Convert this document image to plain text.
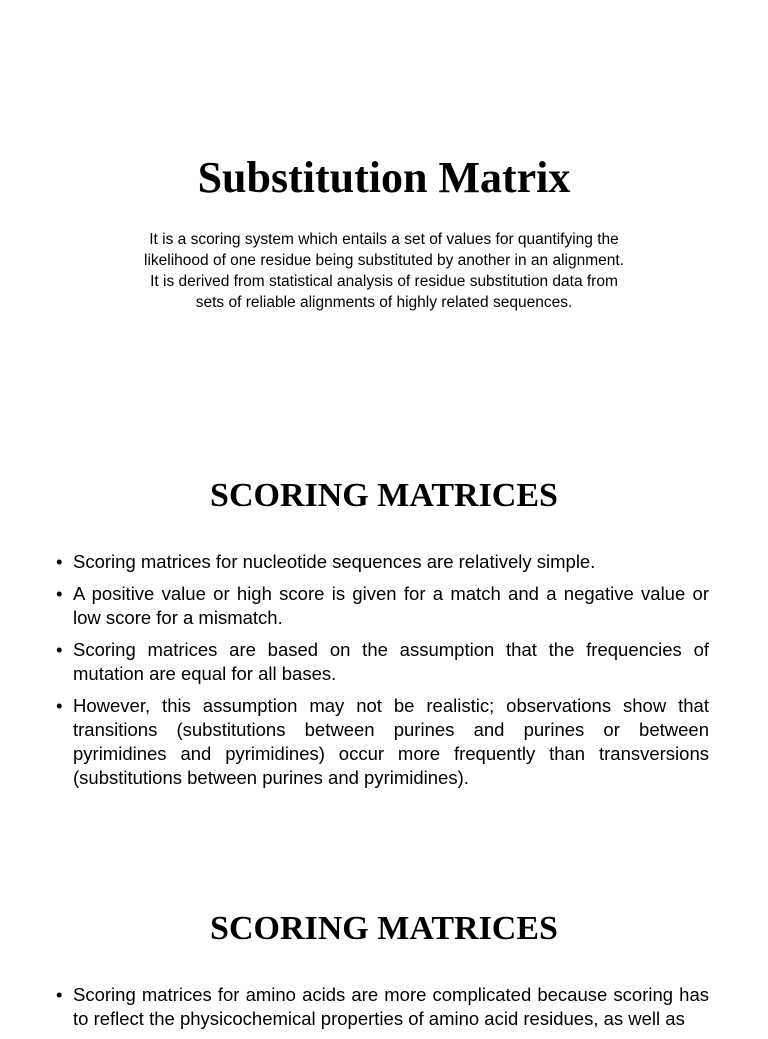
Substitution Matrix
It is a scoring system which entails a set of values for quantifying the
likelihood of one residue being substituted by another in an alignment.
It is derived from statistical analysis of residue substitution data from
sets of reliable alignments of highly related sequences.
SCORING MATRICES
• Scoring matrices for nucleotide sequences are relatively simple.
• A positive value or high score is given for a match and a negative value or low score for a mismatch.
• Scoring matrices are based on the assumption that the frequencies of mutation are equal for all bases.
• However, this assumption may not be realistic; observations show that transitions (substitutions between purines and purines or between pyrimidines and pyrimidines) occur more frequently than transversions (substitutions between purines and pyrimidines).
SCORING MATRICES
• Scoring matrices for amino acids are more complicated because scoring has to reflect the physicochemical properties of amino acid residues, as well as
